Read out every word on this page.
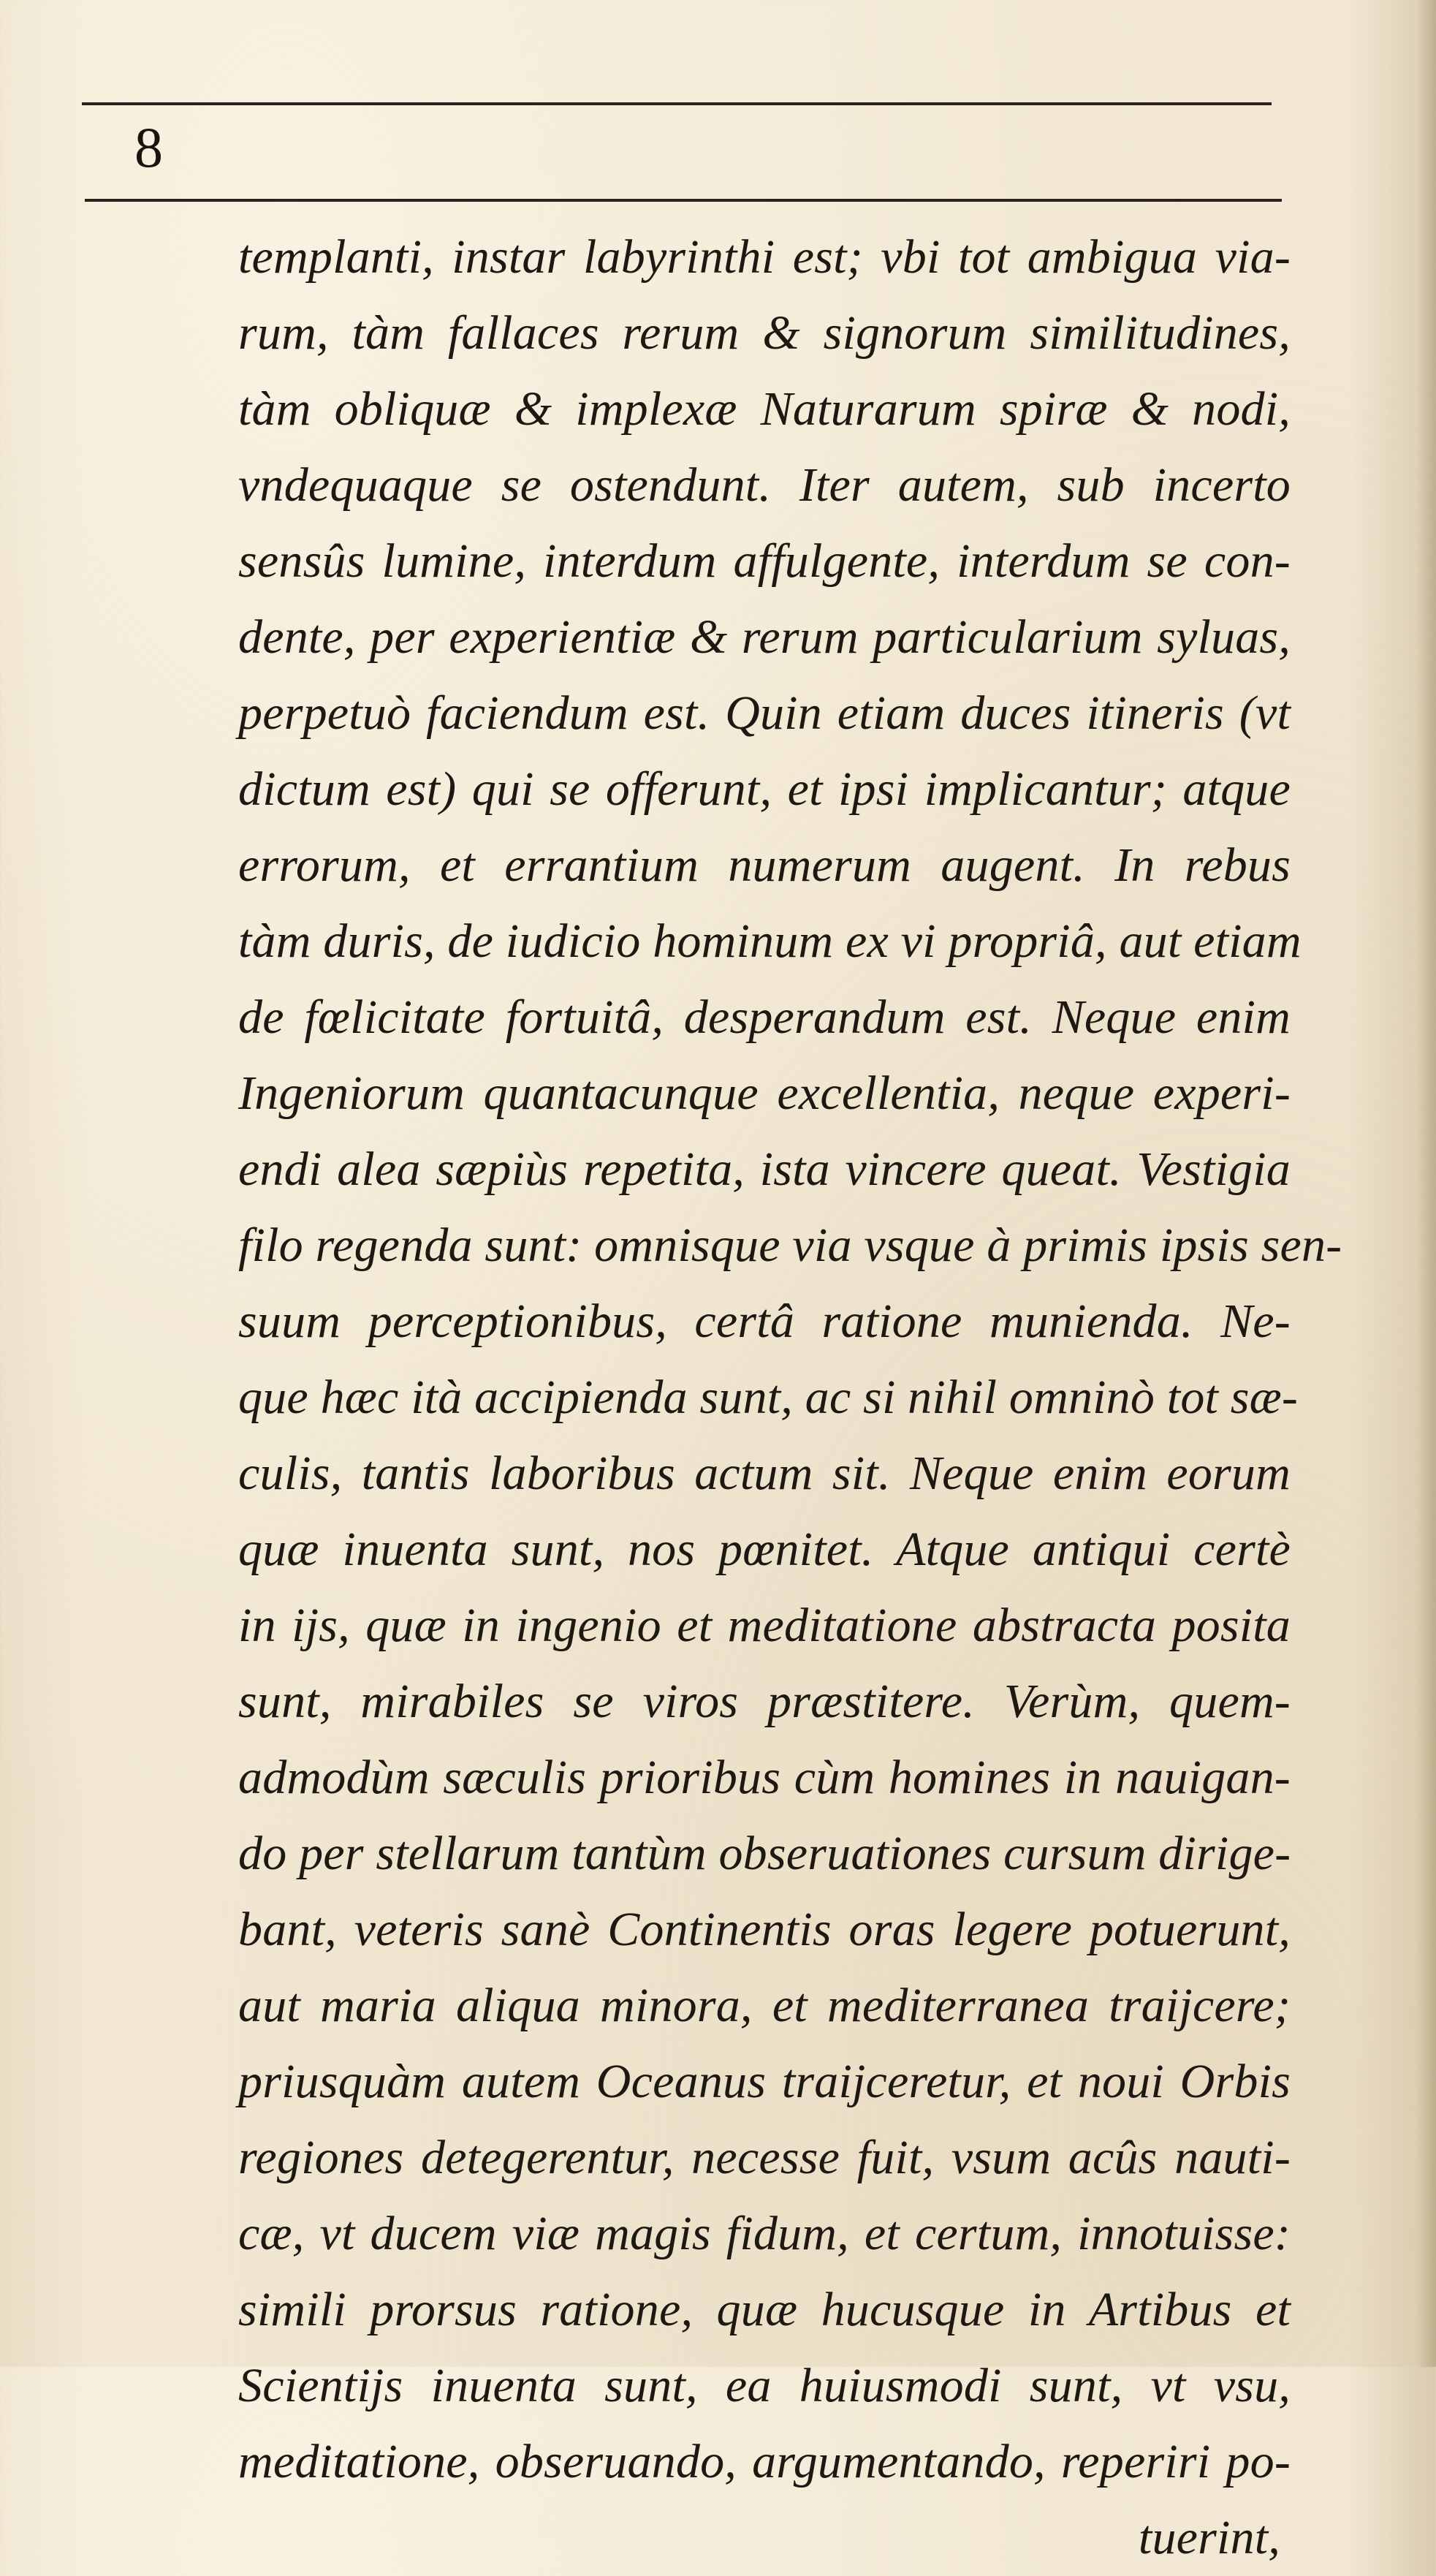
8
templanti, instar labyrinthi est; vbi tot ambigua via-
rum, tàm fallaces rerum & signorum similitudines,
tàm obliquæ & implexæ Naturarum spiræ & nodi,
vndequaque se ostendunt. Iter autem, sub incerto
sensûs lumine, interdum affulgente, interdum se con-
dente, per experientiæ & rerum particularium syluas,
perpetuò faciendum est. Quin etiam duces itineris (vt
dictum est) qui se offerunt, et ipsi implicantur; atque
errorum, et errantium numerum augent. In rebus
tàm duris, de iudicio hominum ex vi propriâ, aut etiam
de fœlicitate fortuitâ, desperandum est. Neque enim
Ingeniorum quantacunque excellentia, neque experi-
endi alea sæpiùs repetita, ista vincere queat. Vestigia
filo regenda sunt: omnisque via vsque à primis ipsis sen-
suum perceptionibus, certâ ratione munienda. Ne-
que hæc ità accipienda sunt, ac si nihil omninò tot sæ-
culis, tantis laboribus actum sit. Neque enim eorum
quæ inuenta sunt, nos pœnitet. Atque antiqui certè
in ijs, quæ in ingenio et meditatione abstracta posita
sunt, mirabiles se viros præstitere. Verùm, quem-
admodùm sæculis prioribus cùm homines in nauigan-
do per stellarum tantùm obseruationes cursum dirige-
bant, veteris sanè Continentis oras legere potuerunt,
aut maria aliqua minora, et mediterranea traijcere;
priusquàm autem Oceanus traijceretur, et noui Orbis
regiones detegerentur, necesse fuit, vsum acûs nauti-
cæ, vt ducem viæ magis fidum, et certum, innotuisse:
simili prorsus ratione, quæ hucusque in Artibus et
Scientijs inuenta sunt, ea huiusmodi sunt, vt vsu,
meditatione, obseruando, argumentando, reperiri po-
tuerint,
